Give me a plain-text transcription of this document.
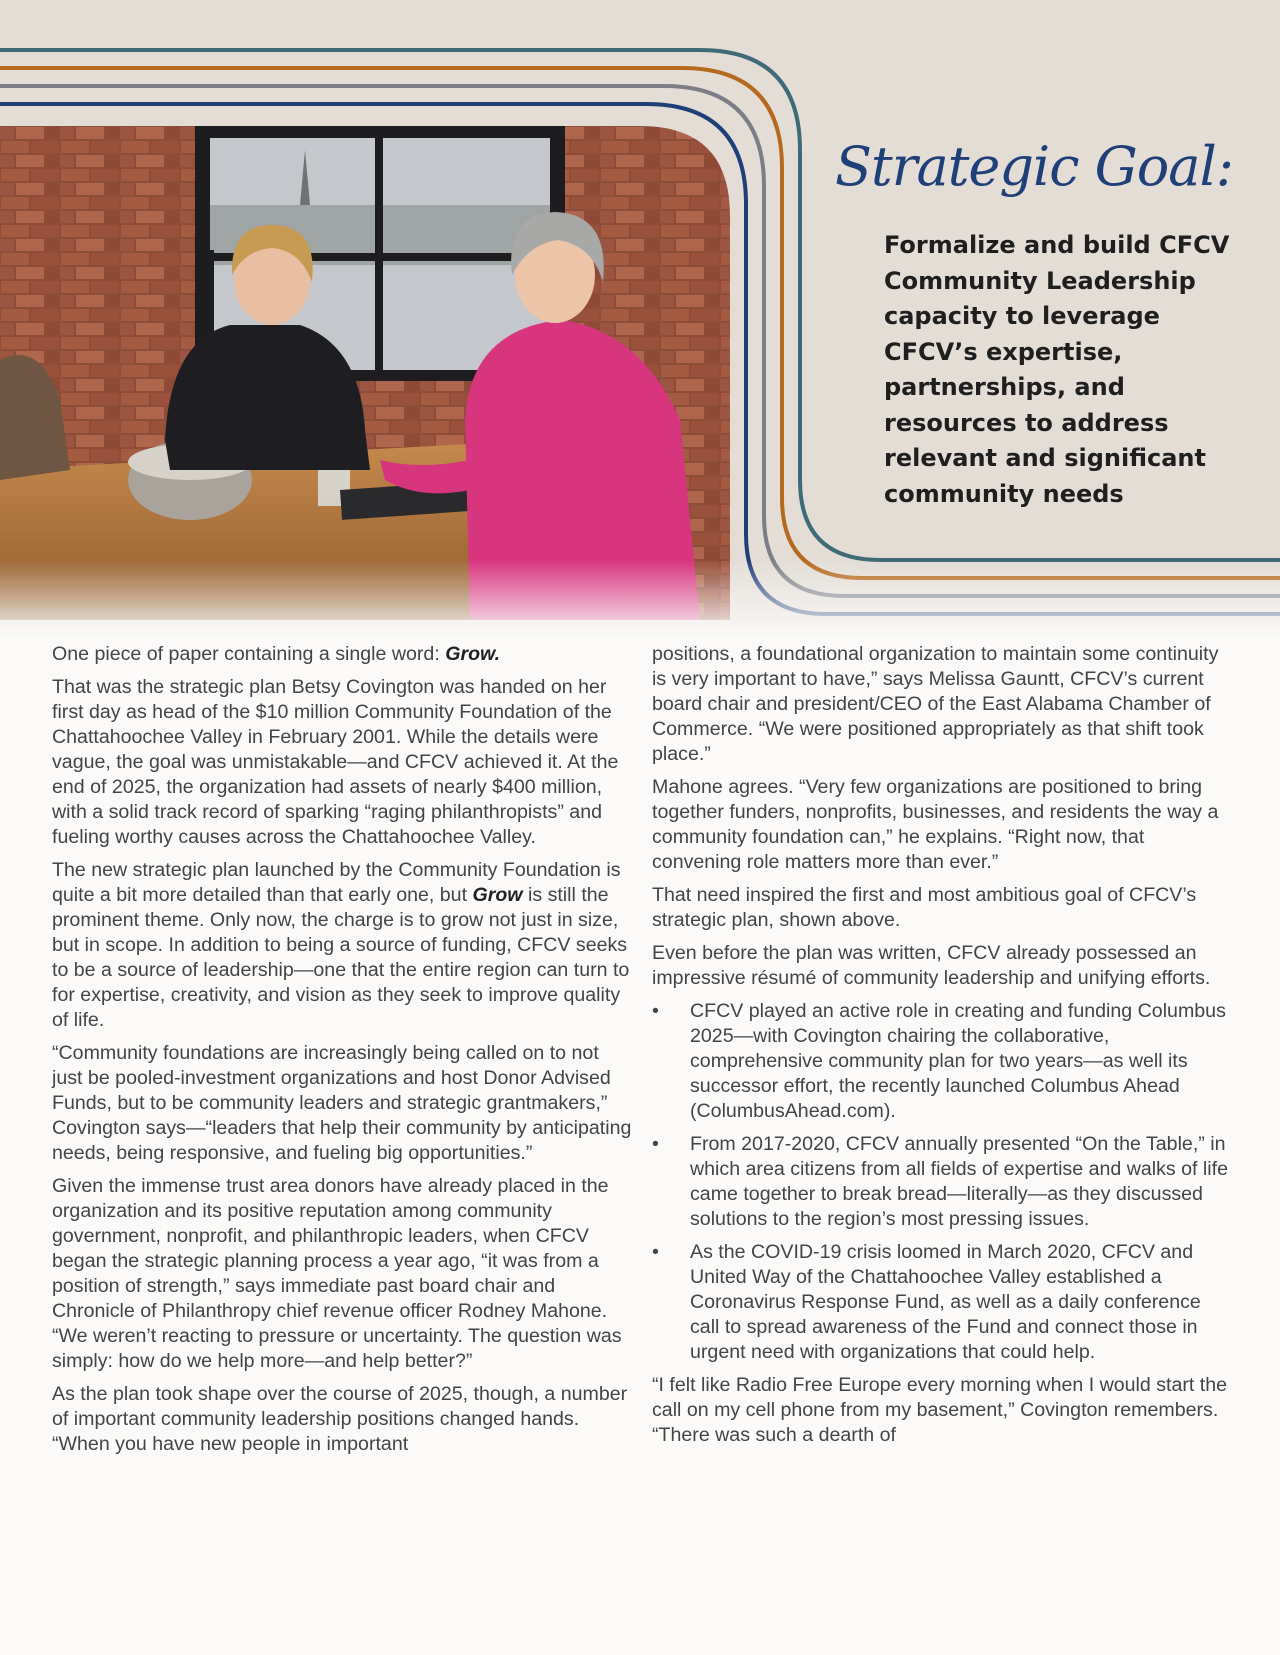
Strategic Goal:
Formalize and build CFCV Community Leadership capacity to leverage CFCV’s expertise, partnerships, and resources to address relevant and significant community needs

One piece of paper containing a single word: Grow.

That was the strategic plan Betsy Covington was handed on her first day as head of the $10 million Community Foundation of the Chattahoochee Valley in February 2001. While the details were vague, the goal was unmistakable—and CFCV achieved it. At the end of 2025, the organization had assets of nearly $400 million, with a solid track record of sparking “raging philanthropists” and fueling worthy causes across the Chattahoochee Valley.

The new strategic plan launched by the Community Foundation is quite a bit more detailed than that early one, but Grow is still the prominent theme. Only now, the charge is to grow not just in size, but in scope. In addition to being a source of funding, CFCV seeks to be a source of leadership—one that the entire region can turn to for expertise, creativity, and vision as they seek to improve quality of life.

“Community foundations are increasingly being called on to not just be pooled-investment organizations and host Donor Advised Funds, but to be community leaders and strategic grantmakers,” Covington says—“leaders that help their community by anticipating needs, being responsive, and fueling big opportunities.”

Given the immense trust area donors have already placed in the organization and its positive reputation among community government, nonprofit, and philanthropic leaders, when CFCV began the strategic planning process a year ago, “it was from a position of strength,” says immediate past board chair and Chronicle of Philanthropy chief revenue officer Rodney Mahone. “We weren’t reacting to pressure or uncertainty. The question was simply: how do we help more—and help better?”

As the plan took shape over the course of 2025, though, a number of important community leadership positions changed hands. “When you have new people in important

positions, a foundational organization to maintain some continuity is very important to have,” says Melissa Gauntt, CFCV’s current board chair and president/CEO of the East Alabama Chamber of Commerce. “We were positioned appropriately as that shift took place.”

Mahone agrees. “Very few organizations are positioned to bring together funders, nonprofits, businesses, and residents the way a community foundation can,” he explains. “Right now, that convening role matters more than ever.”

That need inspired the first and most ambitious goal of CFCV’s strategic plan, shown above.

Even before the plan was written, CFCV already possessed an impressive résumé of community leadership and unifying efforts.

• CFCV played an active role in creating and funding Columbus 2025—with Covington chairing the collaborative, comprehensive community plan for two years—as well its successor effort, the recently launched Columbus Ahead (ColumbusAhead.com).
• From 2017-2020, CFCV annually presented “On the Table,” in which area citizens from all fields of expertise and walks of life came together to break bread—literally—as they discussed solutions to the region’s most pressing issues.
• As the COVID-19 crisis loomed in March 2020, CFCV and United Way of the Chattahoochee Valley established a Coronavirus Response Fund, as well as a daily conference call to spread awareness of the Fund and connect those in urgent need with organizations that could help.

“I felt like Radio Free Europe every morning when I would start the call on my cell phone from my basement,” Covington remembers. “There was such a dearth of
